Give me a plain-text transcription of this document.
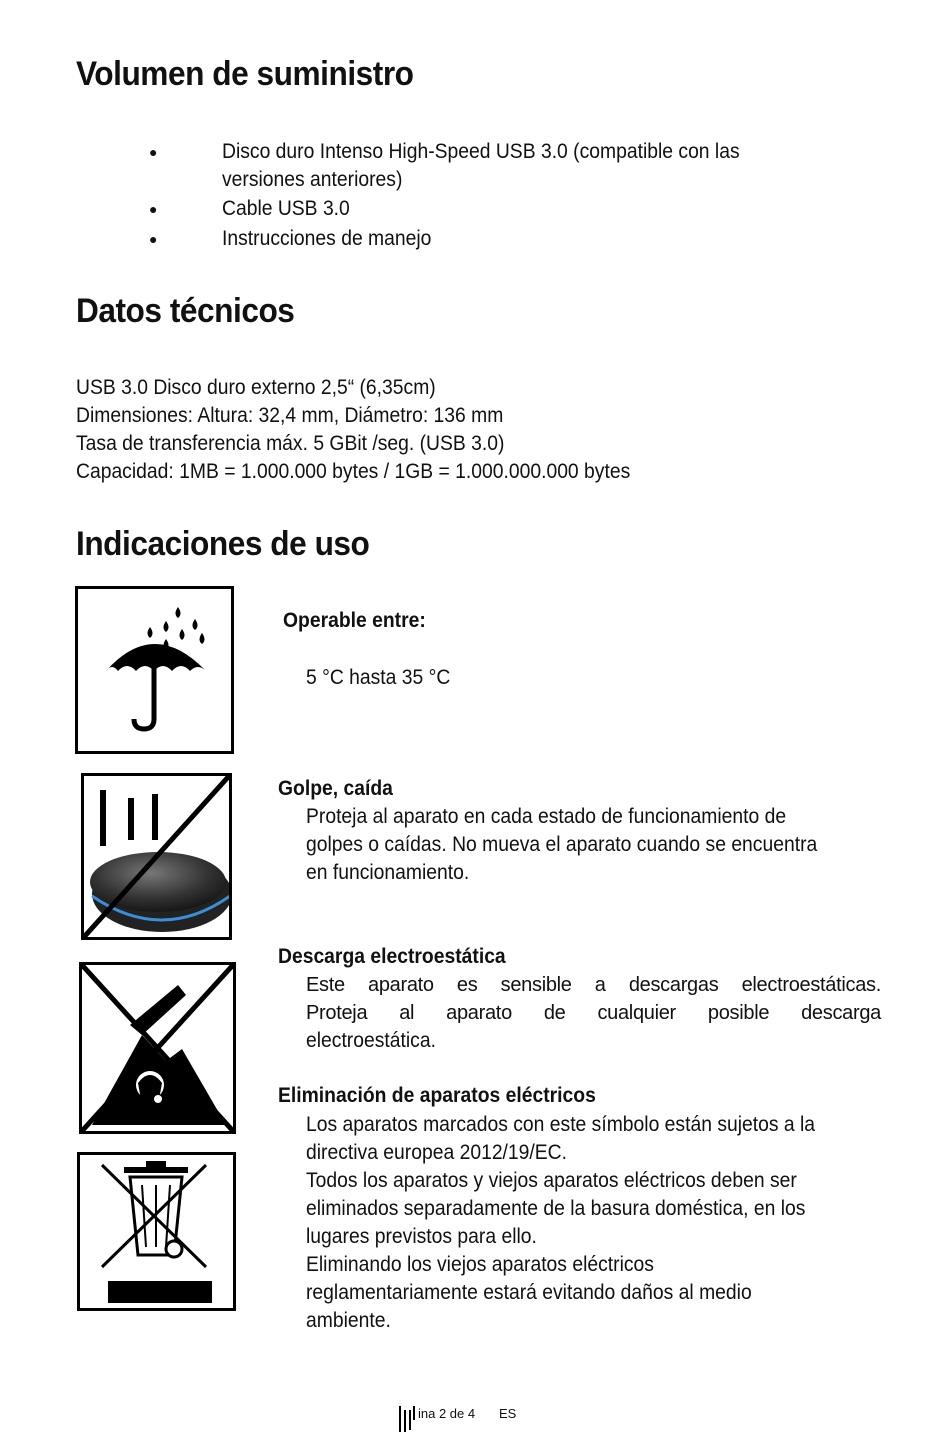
Volumen de suministro
●	Disco duro Intenso High-Speed USB 3.0 (compatible con las
versiones anteriores)
●	Cable USB 3.0
●	Instrucciones de manejo
Datos técnicos
USB 3.0 Disco duro externo 2,5“ (6,35cm)
Dimensiones: Altura: 32,4 mm, Diámetro: 136 mm
Tasa de transferencia máx. 5 GBit /seg. (USB 3.0)
Capacidad: 1MB = 1.000.000 bytes / 1GB = 1.000.000.000 bytes
Indicaciones de uso
Operable entre:
5 °C hasta 35 °C
Golpe, caída
Proteja al aparato en cada estado de funcionamiento de
golpes o caídas. No mueva el aparato cuando se encuentra
en funcionamiento.
Descarga electroestática
Este aparato es sensible a descargas electroestáticas.
Proteja al aparato de cualquier posible descarga
electroestática.
Eliminación de aparatos eléctricos
Los aparatos marcados con este símbolo están sujetos a la
directiva europea 2012/19/EC.
Todos los aparatos y viejos aparatos eléctricos deben ser
eliminados separadamente de la basura doméstica, en los
lugares previstos para ello.
Eliminando los viejos aparatos eléctricos
reglamentariamente estará evitando daños al medio
ambiente.
ina 2 de 4 ES
